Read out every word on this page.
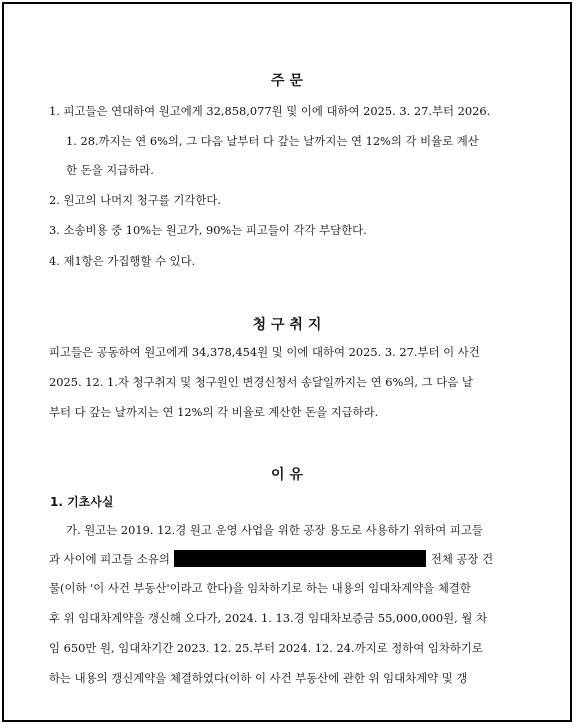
주 문
1. 피고들은 연대하여 원고에게 32,858,077원 및 이에 대하여 2025. 3. 27.부터 2026.
1. 28.까지는 연 6%의, 그 다음 날부터 다 갚는 날까지는 연 12%의 각 비율로 계산
한 돈을 지급하라.
2. 원고의 나머지 청구를 기각한다.
3. 소송비용 중 10%는 원고가, 90%는 피고들이 각각 부담한다.
4. 제1항은 가집행할 수 있다.
청 구 취 지
피고들은 공동하여 원고에게 34,378,454원 및 이에 대하여 2025. 3. 27.부터 이 사건
2025. 12. 1.자 청구취지 및 청구원인 변경신청서 송달일까지는 연 6%의, 그 다음 날
부터 다 갚는 날까지는 연 12%의 각 비율로 계산한 돈을 지급하라.
이 유
1. 기초사실
가. 원고는 2019. 12.경 원고 운영 사업을 위한 공장 용도로 사용하기 위하여 피고들
과 사이에 피고들 소유의	전체 공장 건
물(이하 '이 사건 부동산'이라고 한다)을 임차하기로 하는 내용의 임대차계약을 체결한
후 위 임대차계약을 갱신해 오다가, 2024. 1. 13.경 임대차보증금 55,000,000원, 월 차
임 650만 원, 임대차기간 2023. 12. 25.부터 2024. 12. 24.까지로 정하여 임차하기로
하는 내용의 갱신계약을 체결하였다(이하 이 사건 부동산에 관한 위 임대차계약 및 갱
